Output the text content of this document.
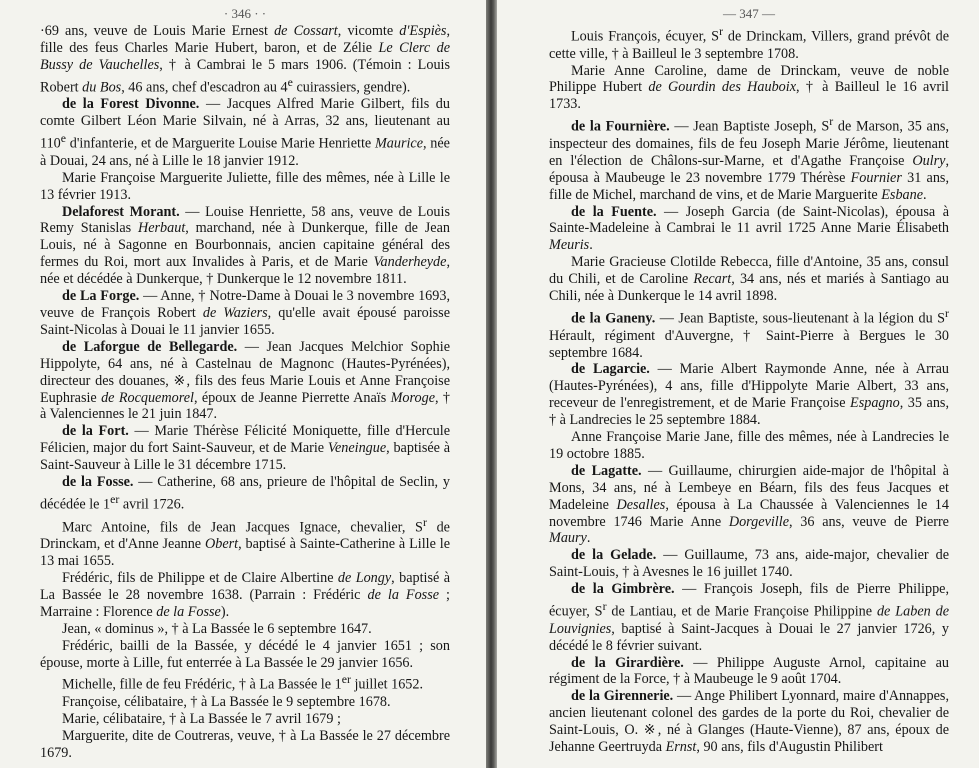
· 346 · ·

·69 ans, veuve de Louis Marie Ernest de Cossart, vicomte d'Espiès, fille des feus Charles Marie Hubert, baron, et de Zélie Le Clerc de Bussy de Vauchelles, † à Cambrai le 5 mars 1906. (Témoin : Louis Robert du Bos, 46 ans, chef d'escadron au 4e cuirassiers, gendre).

de la Forest Divonne. — Jacques Alfred Marie Gilbert, fils du comte Gilbert Léon Marie Silvain, né à Arras, 32 ans, lieutenant au 110e d'infanterie, et de Marguerite Louise Marie Henriette Maurice, née à Douai, 24 ans, né à Lille le 18 janvier 1912.

Marie Françoise Marguerite Juliette, fille des mêmes, née à Lille le 13 février 1913.

Delaforest Morant. — Louise Henriette, 58 ans, veuve de Louis Remy Stanislas Herbaut, marchand, née à Dunkerque, fille de Jean Louis, né à Sagonne en Bourbonnais, ancien capitaine général des fermes du Roi, mort aux Invalides à Paris, et de Marie Vanderheyde, née et décédée à Dunkerque, † Dunkerque le 12 novembre 1811.

de La Forge. — Anne, † Notre-Dame à Douai le 3 novembre 1693, veuve de François Robert de Waziers, qu'elle avait épousé paroisse Saint-Nicolas à Douai le 11 janvier 1655.

de Laforgue de Bellegarde. — Jean Jacques Melchior Sophie Hippolyte, 64 ans, né à Castelnau de Magnonc (Hautes-Pyrénées), directeur des douanes, ※, fils des feus Marie Louis et Anne Françoise Euphrasie de Rocquemorel, époux de Jeanne Pierrette Anaïs Moroge, † à Valenciennes le 21 juin 1847.

de la Fort. — Marie Thérèse Félicité Moniquette, fille d'Hercule Félicien, major du fort Saint-Sauveur, et de Marie Veneingue, baptisée à Saint-Sauveur à Lille le 31 décembre 1715.

de la Fosse. — Catherine, 68 ans, prieure de l'hôpital de Seclin, y décédée le 1er avril 1726.

Marc Antoine, fils de Jean Jacques Ignace, chevalier, $S^r$ de Drinckam, et d'Anne Jeanne Obert, baptisé à Sainte-Catherine à Lille le 13 mai 1655.

Frédéric, fils de Philippe et de Claire Albertine de Longy, baptisé à La Bassée le 28 novembre 1638. (Parrain : Frédéric de la Fosse ; Marraine : Florence de la Fosse).

Jean, « dominus », † à La Bassée le 6 septembre 1647.

Frédéric, bailli de la Bassée, y décédé le 4 janvier 1651 ; son épouse, morte à Lille, fut enterrée à La Bassée le 29 janvier 1656.

Michelle, fille de feu Frédéric, † à La Bassée le 1er juillet 1652.

Françoise, célibataire, † à La Bassée le 9 septembre 1678.

Marie, célibataire, † à La Bassée le 7 avril 1679 ;

Marguerite, dite de Coutreras, veuve, † à La Bassée le 27 décembre 1679.

— 347 —

Louis François, écuyer, $S^r$ de Drinckam, Villers, grand prévôt de cette ville, † à Bailleul le 3 septembre 1708.

Marie Anne Caroline, dame de Drinckam, veuve de noble Philippe Hubert de Gourdin des Hauboix, † à Bailleul le 16 avril 1733.

de la Fournière. — Jean Baptiste Joseph, $S^r$ de Marson, 35 ans, inspecteur des domaines, fils de feu Joseph Marie Jérôme, lieutenant en l'élection de Châlons-sur-Marne, et d'Agathe Françoise Oulry, épousa à Maubeuge le 23 novembre 1779 Thérèse Fournier 31 ans, fille de Michel, marchand de vins, et de Marie Marguerite Esbane.

de la Fuente. — Joseph Garcia (de Saint-Nicolas), épousa à Sainte-Madeleine à Cambrai le 11 avril 1725 Anne Marie Élisabeth Meuris.

Marie Gracieuse Clotilde Rebecca, fille d'Antoine, 35 ans, consul du Chili, et de Caroline Recart, 34 ans, nés et mariés à Santiago au Chili, née à Dunkerque le 14 avril 1898.

de la Ganeny. — Jean Baptiste, sous-lieutenant à la légion du $S^r$ Hérault, régiment d'Auvergne, † Saint-Pierre à Bergues le 30 septembre 1684.

de Lagarcie. — Marie Albert Raymonde Anne, née à Arrau (Hautes-Pyrénées), 4 ans, fille d'Hippolyte Marie Albert, 33 ans, receveur de l'enregistrement, et de Marie Françoise Espagno, 35 ans, † à Landrecies le 25 septembre 1884.

Anne Françoise Marie Jane, fille des mêmes, née à Landrecies le 19 octobre 1885.

de Lagatte. — Guillaume, chirurgien aide-major de l'hôpital à Mons, 34 ans, né à Lembeye en Béarn, fils des feus Jacques et Madeleine Desalles, épousa à La Chaussée à Valenciennes le 14 novembre 1746 Marie Anne Dorgeville, 36 ans, veuve de Pierre Maury.

de la Gelade. — Guillaume, 73 ans, aide-major, chevalier de Saint-Louis, † à Avesnes le 16 juillet 1740.

de la Gimbrère. — François Joseph, fils de Pierre Philippe, écuyer, $S^r$ de Lantiau, et de Marie Françoise Philippine de Laben de Louvignies, baptisé à Saint-Jacques à Douai le 27 janvier 1726, y décédé le 8 février suivant.

de la Girardière. — Philippe Auguste Arnol, capitaine au régiment de la Force, † à Maubeuge le 9 août 1704.

de la Girennerie. — Ange Philibert Lyonnard, maire d'Annappes, ancien lieutenant colonel des gardes de la porte du Roi, chevalier de Saint-Louis, O. ※, né à Glanges (Haute-Vienne), 87 ans, époux de Jehanne Geertruyda Ernst, 90 ans, fils d'Augustin Philibert
